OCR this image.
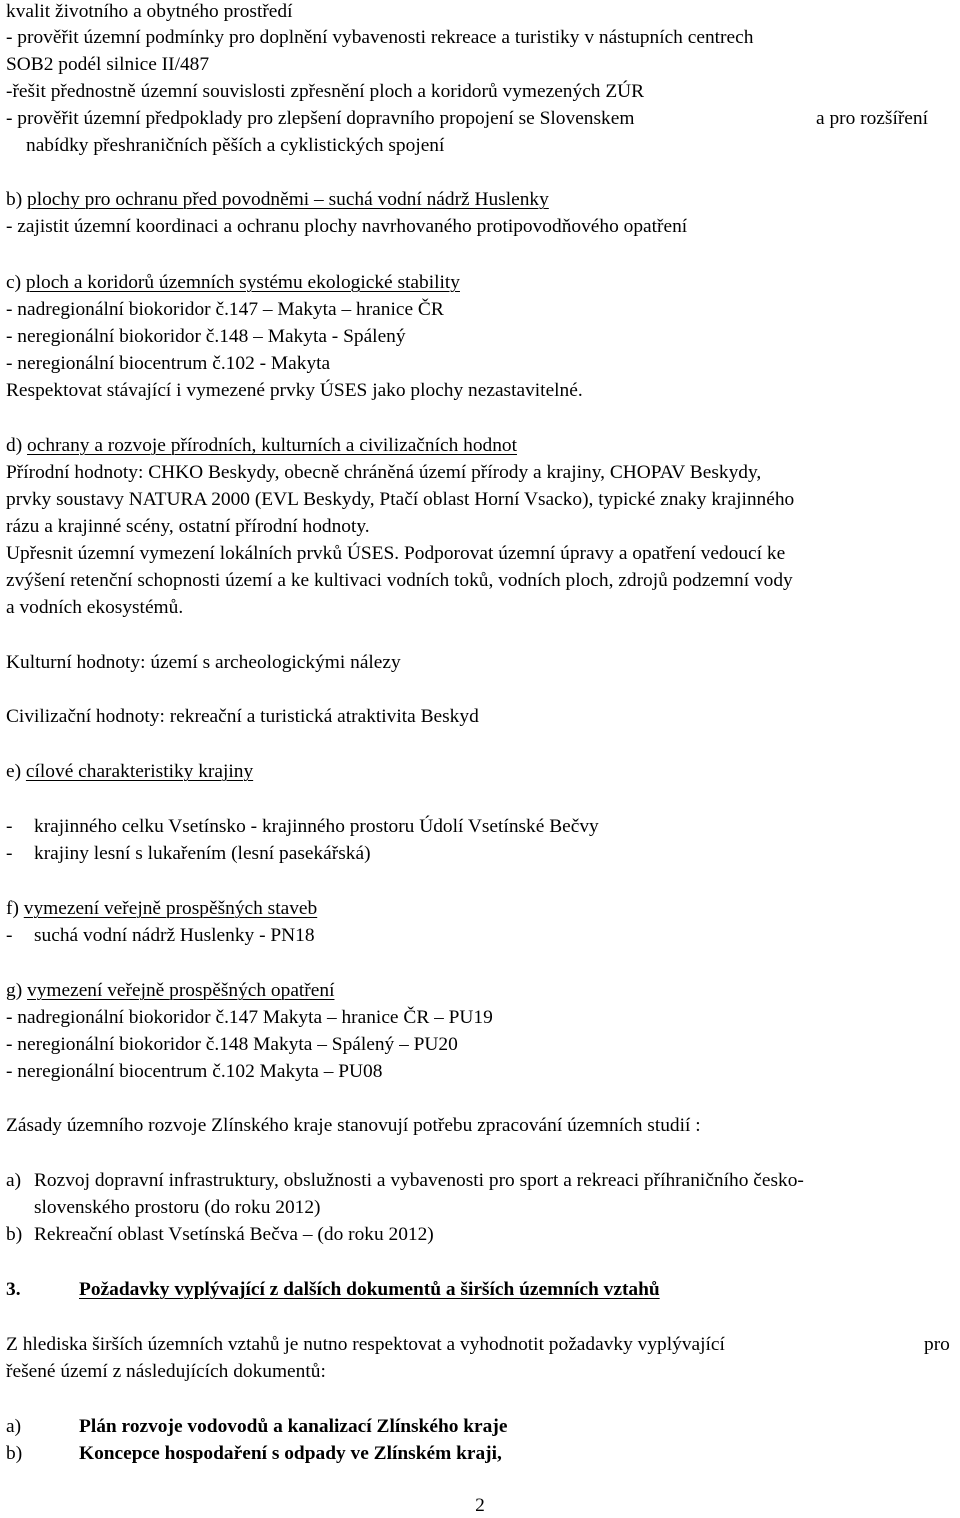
kvalit životního a obytného prostředí
- prověřit územní podmínky pro doplnění vybavenosti rekreace a turistiky v nástupních centrech
SOB2 podél silnice II/487
-řešit přednostně územní souvislosti zpřesnění ploch a koridorů vymezených ZÚR
- prověřit územní předpoklady pro zlepšení dopravního propojení se Slovenskem	a pro rozšíření
nabídky přeshraničních pěších a cyklistických spojení
b) plochy pro ochranu před povodněmi – suchá vodní nádrž Huslenky
- zajistit územní koordinaci a ochranu plochy navrhovaného protipovodňového opatření
c) ploch a koridorů územních systému ekologické stability
- nadregionální biokoridor č.147 – Makyta – hranice ČR
- neregionální biokoridor č.148 – Makyta - Spálený
- neregionální biocentrum č.102 - Makyta
Respektovat stávající i vymezené prvky ÚSES jako plochy nezastavitelné.
d) ochrany a rozvoje přírodních, kulturních a civilizačních hodnot
Přírodní hodnoty: CHKO Beskydy, obecně chráněná území přírody a krajiny, CHOPAV Beskydy,
prvky soustavy NATURA 2000 (EVL Beskydy, Ptačí oblast Horní Vsacko), typické znaky krajinného
rázu a krajinné scény, ostatní přírodní hodnoty.
Upřesnit územní vymezení lokálních prvků ÚSES. Podporovat územní úpravy a opatření vedoucí ke
zvýšení retenční schopnosti území a ke kultivaci vodních toků, vodních ploch, zdrojů podzemní vody
a vodních ekosystémů.
Kulturní hodnoty: území s archeologickými nálezy
Civilizační hodnoty: rekreační a turistická atraktivita Beskyd
e) cílové charakteristiky krajiny
- krajinného celku Vsetínsko - krajinného prostoru Údolí Vsetínské Bečvy
- krajiny lesní s lukařením (lesní pasekářská)
f) vymezení veřejně prospěšných staveb
- suchá vodní nádrž Huslenky - PN18
g) vymezení veřejně prospěšných opatření
- nadregionální biokoridor č.147 Makyta – hranice ČR – PU19
- neregionální biokoridor č.148 Makyta – Spálený – PU20
- neregionální biocentrum č.102 Makyta – PU08
Zásady územního rozvoje Zlínského kraje stanovují potřebu zpracování územních studií :
a) Rozvoj dopravní infrastruktury, obslužnosti a vybavenosti pro sport a rekreaci příhraničního česko-
slovenského prostoru (do roku 2012)
b) Rekreační oblast Vsetínská Bečva – (do roku 2012)
3.	Požadavky vyplývající z dalších dokumentů a širších územních vztahů
Z hlediska širších územních vztahů je nutno respektovat a vyhodnotit požadavky vyplývající	pro
řešené území z následujících dokumentů:
a)	Plán rozvoje vodovodů a kanalizací Zlínského kraje
b)	Koncepce hospodaření s odpady ve Zlínském kraji,
2
